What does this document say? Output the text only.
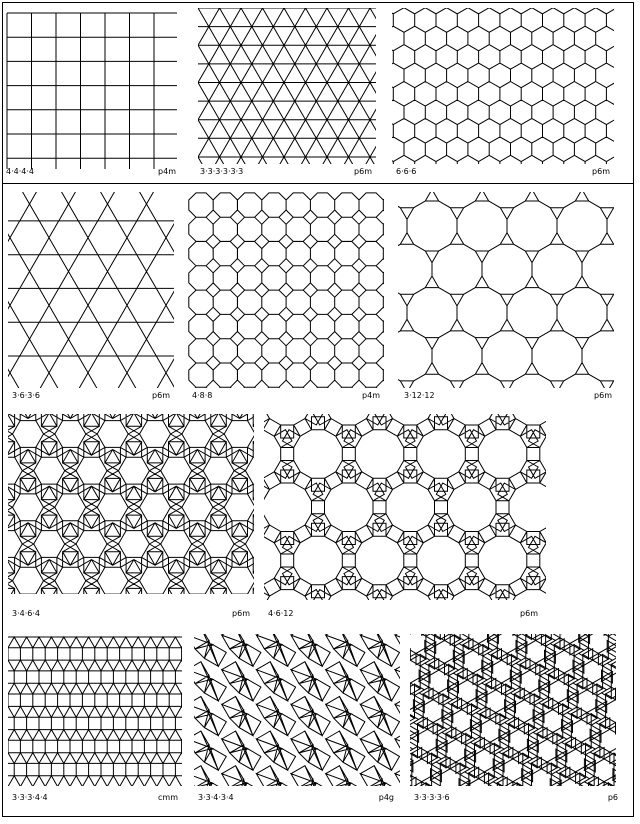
4·4·4·4	p4m	3·3·3·3·3·3	p6m	6·6·6	p6m
3·6·3·6	p6m	4·8·8	p4m	3·12·12	p6m
3·4·6·4	p6m 4·6·12	p6m
3·3·3·4·4	cmm	3·3·4·3·4	p4g	3·3·3·3·6	p6
